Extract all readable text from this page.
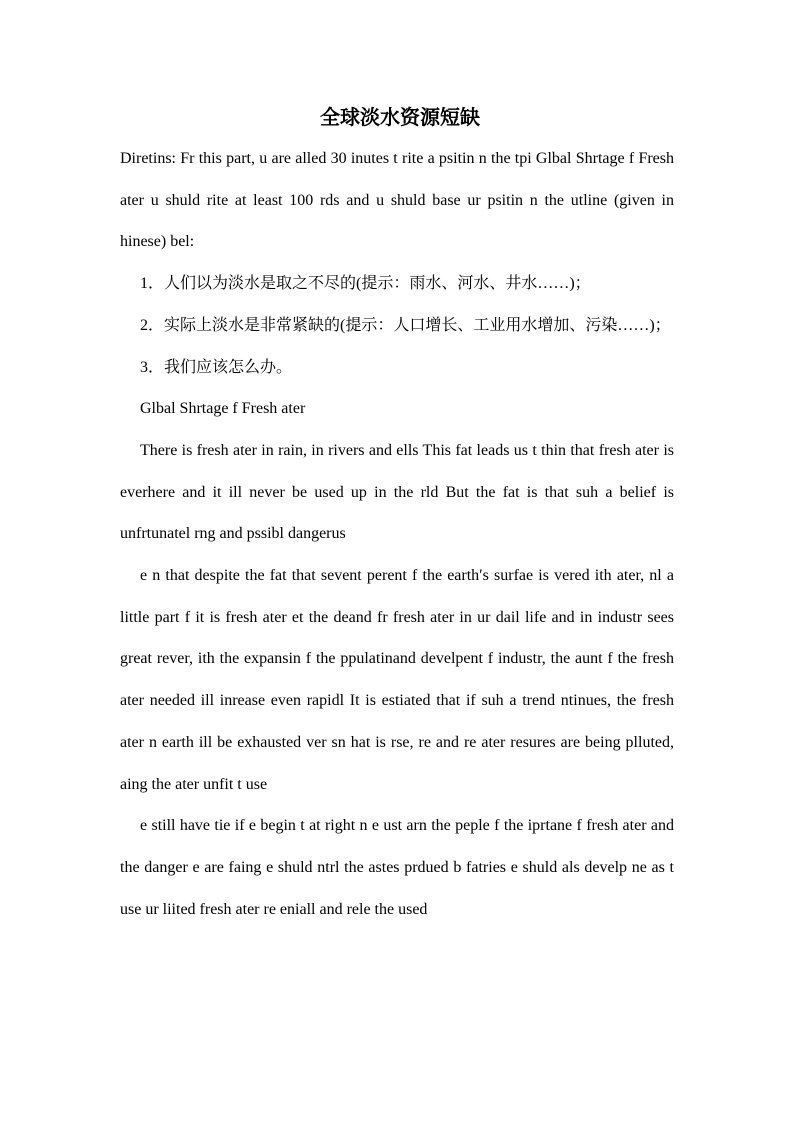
全球淡水资源短缺

Diretins: Fr this part, u are alled 30 inutes t rite a psitin n the tpi Glbal Shrtage f Fresh ater u shuld rite at least 100 rds and u shuld base ur psitin n the utline (given in hinese) bel:

1．人们以为淡水是取之不尽的(提示：雨水、河水、井水……)；

2．实际上淡水是非常紧缺的(提示：人口增长、工业用水增加、污染……)；

3．我们应该怎么办。

Glbal Shrtage f Fresh ater

There is fresh ater in rain, in rivers and ells This fat leads us t thin that fresh ater is everhere and it ill never be used up in the rld But the fat is that suh a belief is unfrtunatel rng and pssibl dangerus

e n that despite the fat that sevent perent f the earth′s surfae is vered ith ater, nl a little part f it is fresh ater et the deand fr fresh ater in ur dail life and in industr sees great rever, ith the expansin f the ppulatinand develpent f industr, the aunt f the fresh ater needed ill inrease even rapidl It is estiated that if suh a trend ntinues, the fresh ater n earth ill be exhausted ver sn hat is rse, re and re ater resures are being plluted, aing the ater unfit t use

e still have tie if e begin t at right n e ust arn the peple f the iprtane f fresh ater and the danger e are faing e shuld ntrl the astes prdued b fatries e shuld als develp ne as t use ur liited fresh ater re eniall and rele the used
